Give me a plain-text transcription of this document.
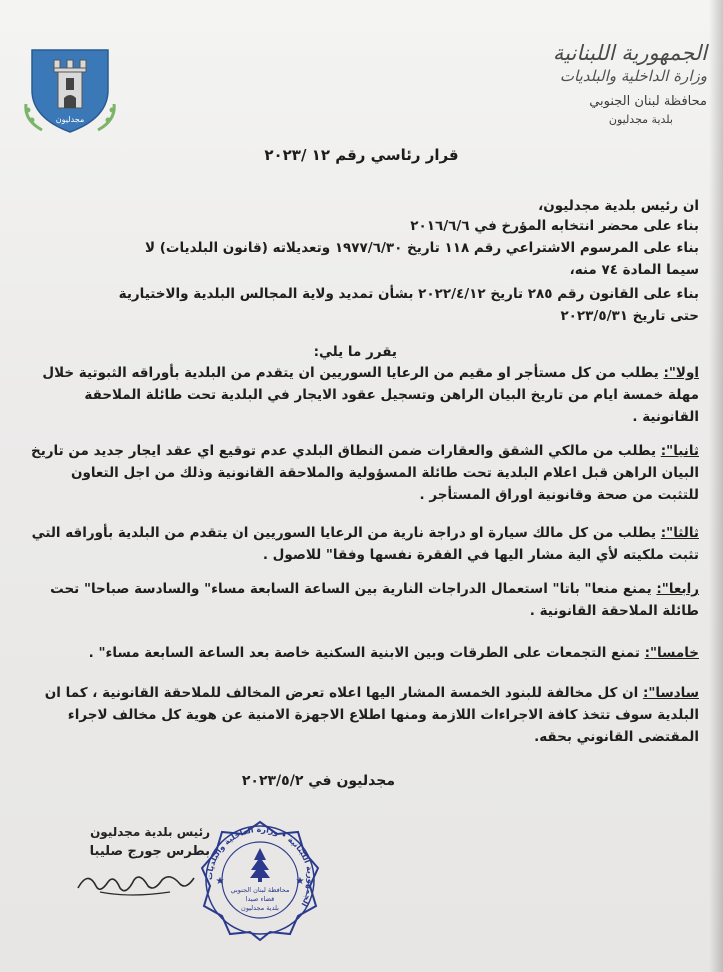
مجدليون
الجمهورية اللبنانية
وزارة الداخلية والبلديات
محافظة لبنان الجنوبي
بلدية مجدليون
قرار رئاسي رقم ١٢ /٢٠٢٣
ان رئيس بلدية مجدليون،
بناء على محضر انتخابه المؤرخ في ٢٠١٦/٦/٦
بناء على المرسوم الاشتراعي رقم ١١٨ تاريخ ١٩٧٧/٦/٣٠ وتعديلاته (قانون البلديات) لا
سيما المادة ٧٤ منه،
بناء على القانون رقم ٢٨٥ تاريخ ٢٠٢٢/٤/١٢ بشأن تمديد ولاية المجالس البلدية والاختيارية
حتى تاريخ ٢٠٢٣/٥/٣١
يقرر ما يلي:
اولا": يطلب من كل مستأجر او مقيم من الرعايا السوريين ان يتقدم من البلدية بأوراقه الثبوتية خلال مهلة خمسة ايام من تاريخ البيان الراهن وتسجيل عقود الايجار في البلدية تحت طائلة الملاحقة القانونية .
ثانيا": يطلب من مالكي الشقق والعقارات ضمن النطاق البلدي عدم توقيع اي عقد ايجار جديد من تاريخ البيان الراهن قبل اعلام البلدية تحت طائلة المسؤولية والملاحقة القانونية وذلك من اجل التعاون للتثبت من صحة وقانونية اوراق المستأجر .
ثالثا": يطلب من كل مالك سيارة او دراجة نارية من الرعايا السوريين ان يتقدم من البلدية بأوراقه التي تثبت ملكيته لأي الية مشار اليها في الفقرة نفسها وفقا" للاصول .
رابعا": يمنع منعا" باتا" استعمال الدراجات النارية بين الساعة السابعة مساء" والسادسة صباحا" تحت طائلة الملاحقة القانونية .
خامسا": تمنع التجمعات على الطرقات وبين الابنية السكنية خاصة بعد الساعة السابعة مساء" .
سادسا": ان كل مخالفة للبنود الخمسة المشار اليها اعلاه تعرض المخالف للملاحقة القانونية ، كما ان البلدية سوف تتخذ كافة الاجراءات اللازمة ومنها اطلاع الاجهزة الامنية عن هوية كل مخالف لاجراء المقتضى القانوني بحقه.
مجدليون في ٢٠٢٣/٥/٢
رئيس بلدية مجدليون
بطرس جورج صليبا
الجمهورية اللبنانية • وزارة الداخلية والبلديات
محافظة لبنان الجنوبي
قضاء صيدا
بلدية مجدليون
★	★
